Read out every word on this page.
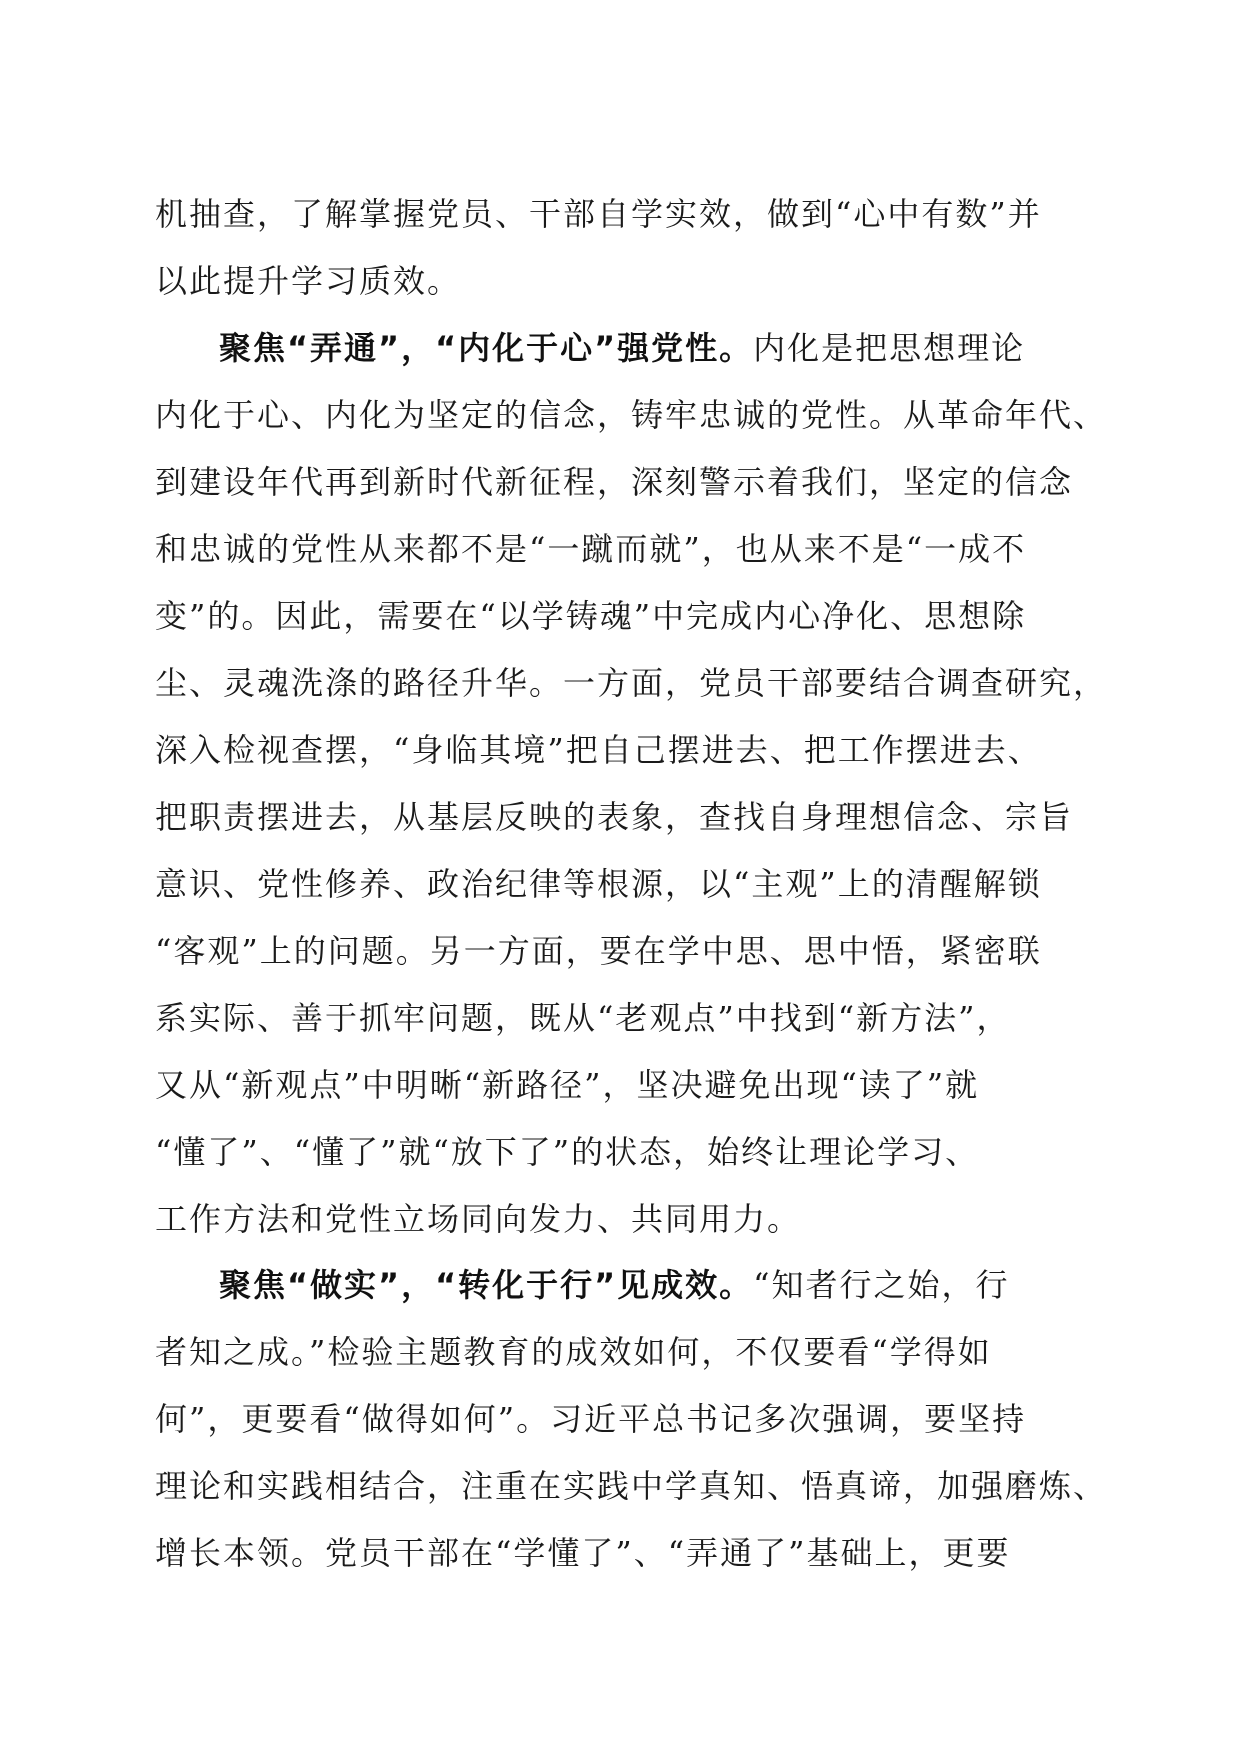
机抽查，了解掌握党员、干部自学实效，做到“心中有数”并
以此提升学习质效。
聚焦“弄通”，“内化于心”强党性。内化是把思想理论
内化于心、内化为坚定的信念，铸牢忠诚的党性。从革命年代、
到建设年代再到新时代新征程，深刻警示着我们，坚定的信念
和忠诚的党性从来都不是“一蹴而就”，也从来不是“一成不
变”的。因此，需要在“以学铸魂”中完成内心净化、思想除
尘、灵魂洗涤的路径升华。一方面，党员干部要结合调查研究，
深入检视查摆，“身临其境”把自己摆进去、把工作摆进去、
把职责摆进去，从基层反映的表象，查找自身理想信念、宗旨
意识、党性修养、政治纪律等根源，以“主观”上的清醒解锁
“客观”上的问题。另一方面，要在学中思、思中悟，紧密联
系实际、善于抓牢问题，既从“老观点”中找到“新方法”，
又从“新观点”中明晰“新路径”，坚决避免出现“读了”就
“懂了”、“懂了”就“放下了”的状态，始终让理论学习、
工作方法和党性立场同向发力、共同用力。
聚焦“做实”，“转化于行”见成效。“知者行之始，行
者知之成。”检验主题教育的成效如何，不仅要看“学得如
何”，更要看“做得如何”。习近平总书记多次强调，要坚持
理论和实践相结合，注重在实践中学真知、悟真谛，加强磨炼、
增长本领。党员干部在“学懂了”、“弄通了”基础上，更要
